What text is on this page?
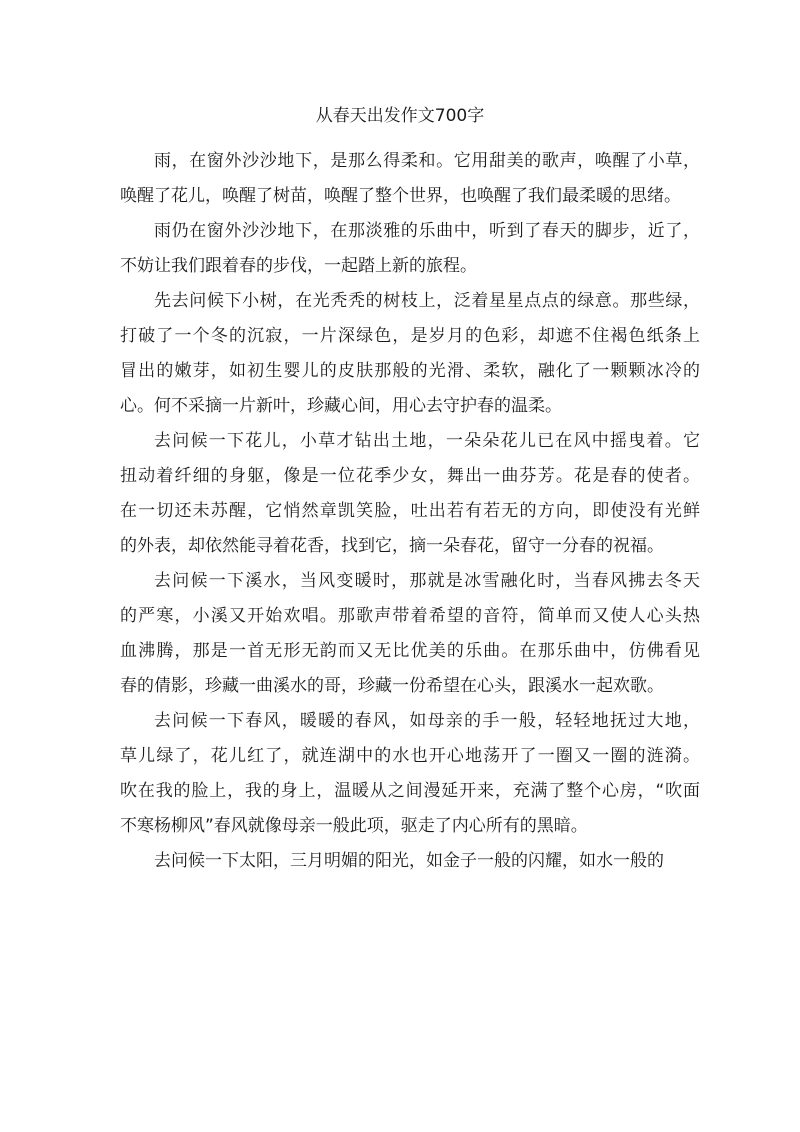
从春天出发作文700字
雨，在窗外沙沙地下，是那么得柔和。它用甜美的歌声，唤醒了小草，
唤醒了花儿，唤醒了树苗，唤醒了整个世界，也唤醒了我们最柔暖的思绪。
雨仍在窗外沙沙地下，在那淡雅的乐曲中，听到了春天的脚步，近了，
不妨让我们跟着春的步伐，一起踏上新的旅程。
先去问候下小树，在光秃秃的树枝上，泛着星星点点的绿意。那些绿，
打破了一个冬的沉寂，一片深绿色，是岁月的色彩，却遮不住褐色纸条上
冒出的嫩芽，如初生婴儿的皮肤那般的光滑、柔软，融化了一颗颗冰冷的
心。何不采摘一片新叶，珍藏心间，用心去守护春的温柔。
去问候一下花儿，小草才钻出土地，一朵朵花儿已在风中摇曳着。它
扭动着纤细的身躯，像是一位花季少女，舞出一曲芬芳。花是春的使者。
在一切还未苏醒，它悄然章凯笑脸，吐出若有若无的方向，即使没有光鲜
的外表，却依然能寻着花香，找到它，摘一朵春花，留守一分春的祝福。
去问候一下溪水，当风变暖时，那就是冰雪融化时，当春风拂去冬天
的严寒，小溪又开始欢唱。那歌声带着希望的音符，简单而又使人心头热
血沸腾，那是一首无形无韵而又无比优美的乐曲。在那乐曲中，仿佛看见
春的倩影，珍藏一曲溪水的哥，珍藏一份希望在心头，跟溪水一起欢歌。
去问候一下春风，暖暖的春风，如母亲的手一般，轻轻地抚过大地，
草儿绿了，花儿红了，就连湖中的水也开心地荡开了一圈又一圈的涟漪。
吹在我的脸上，我的身上，温暖从之间漫延开来，充满了整个心房，“吹面
不寒杨柳风”春风就像母亲一般此项，驱走了内心所有的黑暗。
去问候一下太阳，三月明媚的阳光，如金子一般的闪耀，如水一般的
